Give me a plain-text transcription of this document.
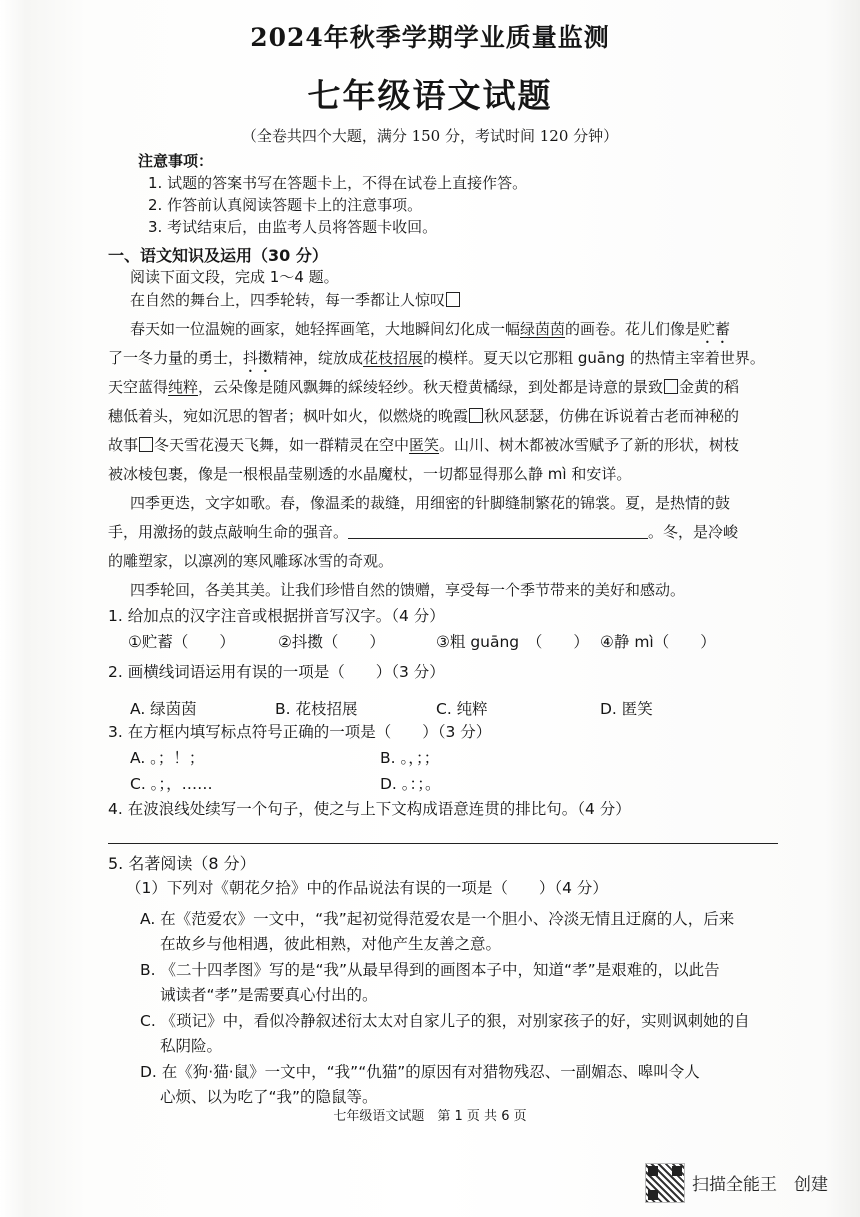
2024年秋季学期学业质量监测
七年级语文试题
（全卷共四个大题，满分 150 分，考试时间 120 分钟）
注意事项：
1. 试题的答案书写在答题卡上，不得在试卷上直接作答。
2. 作答前认真阅读答题卡上的注意事项。
3. 考试结束后，由监考人员将答题卡收回。
一、语文知识及运用（30 分）
阅读下面文段，完成 1～4 题。
在自然的舞台上，四季轮转，每一季都让人惊叹
春天如一位温婉的画家，她轻挥画笔，大地瞬间幻化成一幅绿茵茵的画卷。花儿们像是贮蓄
了一冬力量的勇士，抖擞精神，绽放成花枝招展的模样。夏天以它那粗 guāng 的热情主宰着世界。
天空蓝得纯粹，云朵像是随风飘舞的綵绫轻纱。秋天橙黄橘绿，到处都是诗意的景致 金黄的稻
穗低着头，宛如沉思的智者；枫叶如火，似燃烧的晚霞 秋风瑟瑟，仿佛在诉说着古老而神秘的
故事 冬天雪花漫天飞舞，如一群精灵在空中匿笑。山川、树木都被冰雪赋予了新的形状，树枝
被冰棱包裹，像是一根根晶莹剔透的水晶魔杖，一切都显得那么静 mì 和安详。
四季更迭，文字如歌。春，像温柔的裁缝，用细密的针脚缝制繁花的锦裳。夏，是热情的鼓
手，用激扬的鼓点敲响生命的强音。	。冬，是冷峻
的雕塑家，以凛冽的寒风雕琢冰雪的奇观。
四季轮回，各美其美。让我们珍惜自然的馈赠，享受每一个季节带来的美好和感动。
1. 给加点的汉字注音或根据拼音写汉字。（4 分）
①贮蓄（　　）	②抖擞（　　）	③粗 guāng　（　　） ④静 mì（　　）
2. 画横线词语运用有误的一项是（　　）（3 分）
A. 绿茵茵	B. 花枝招展	C. 纯粹	D. 匿笑
3. 在方框内填写标点符号正确的一项是（　　）（3 分）
A. 。；！；	B. 。，；；
C. 。；，……	D. 。：；。
4. 在波浪线处续写一个句子，使之与上下文构成语意连贯的排比句。（4 分）
5. 名著阅读（8 分）
（1）下列对《朝花夕拾》中的作品说法有误的一项是（　　）（4 分）
A. 在《范爱农》一文中，“我”起初觉得范爱农是一个胆小、冷淡无情且迂腐的人，后来
在故乡与他相遇，彼此相熟，对他产生友善之意。
B. 《二十四孝图》写的是“我”从最早得到的画图本子中，知道“孝”是艰难的，以此告
诫读者“孝”是需要真心付出的。
C. 《琐记》中，看似冷静叙述衍太太对自家儿子的狠，对别家孩子的好，实则讽刺她的自
私阴险。
D. 在《狗·猫·鼠》一文中，“我”“仇猫”的原因有对猎物残忍、一副媚态、嗥叫令人
心烦、以为吃了“我”的隐鼠等。
七年级语文试题　第 1 页 共 6 页
扫描全能王　创建
